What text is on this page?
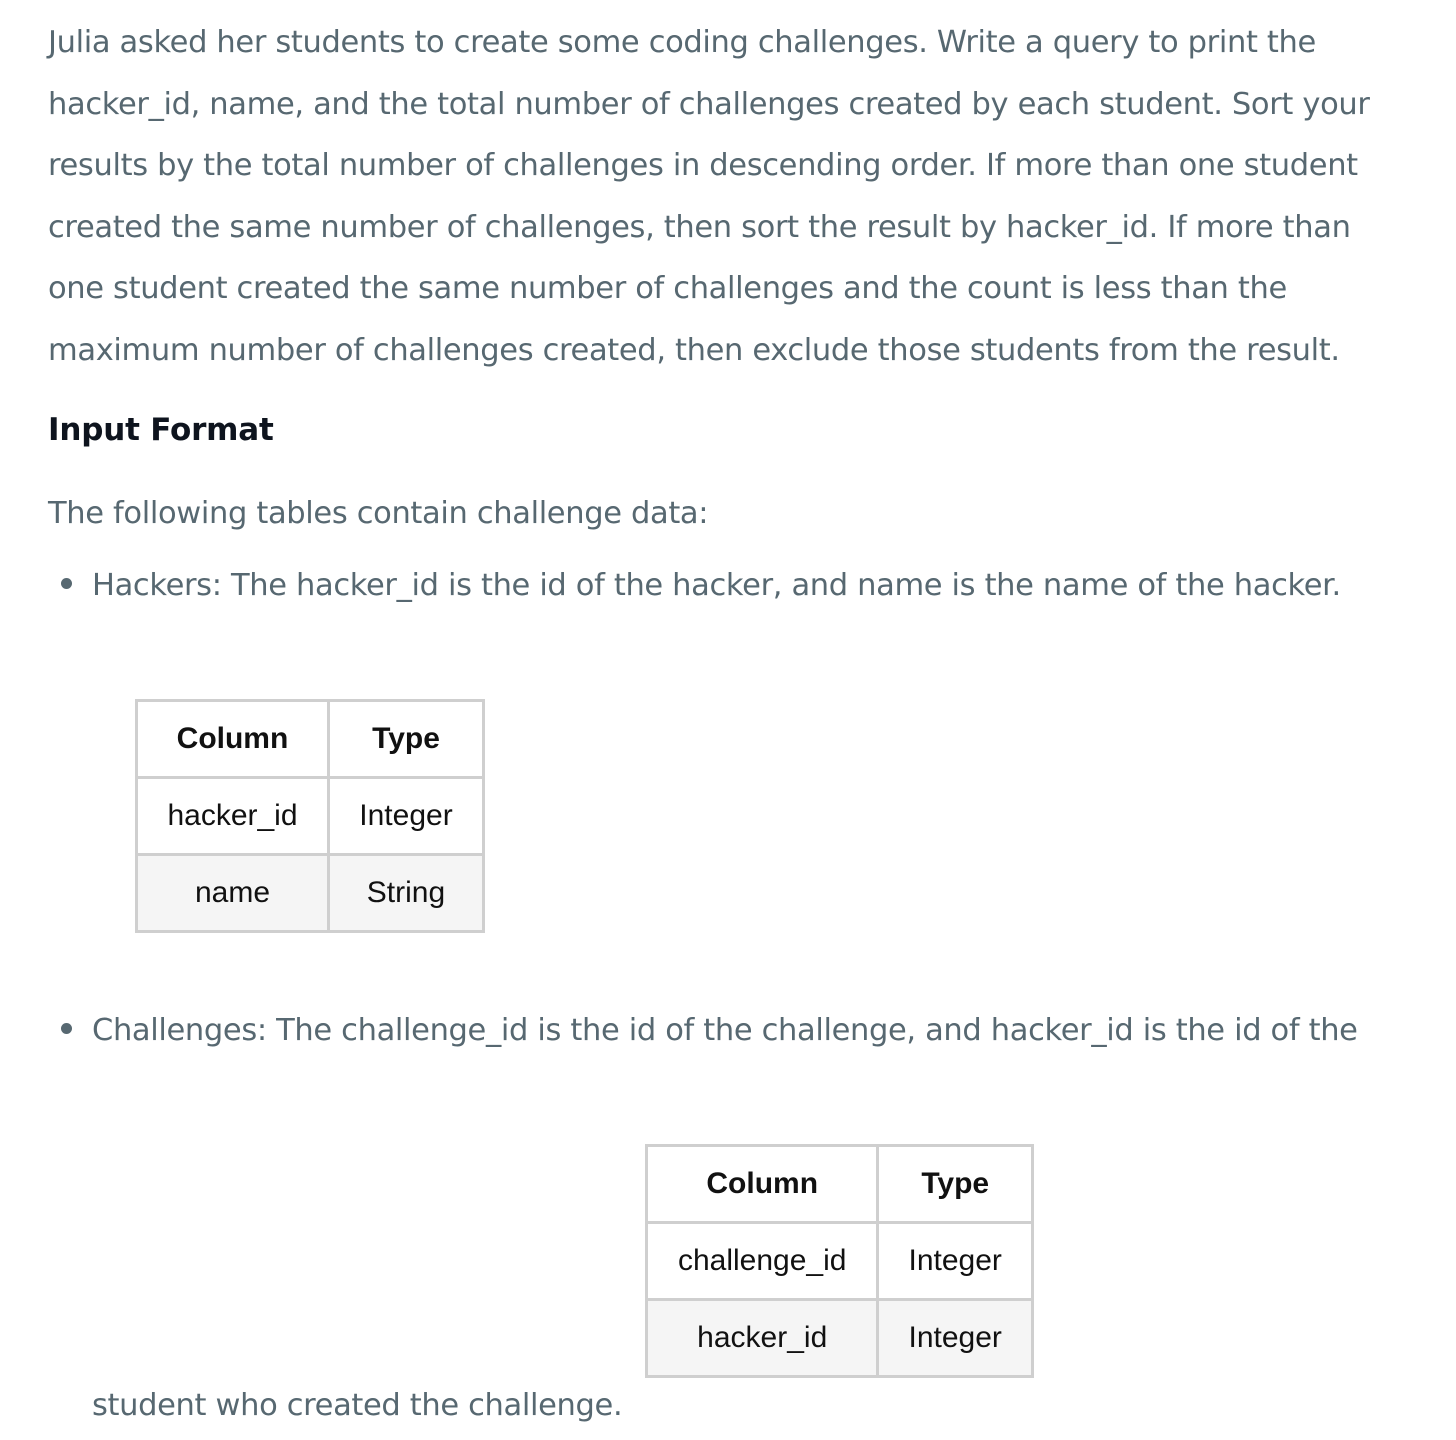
Julia asked her students to create some coding challenges. Write a query to print the hacker_id, name, and the total number of challenges created by each student. Sort your results by the total number of challenges in descending order. If more than one student created the same number of challenges, then sort the result by hacker_id. If more than one student created the same number of challenges and the count is less than the maximum number of challenges created, then exclude those students from the result.

Input Format

The following tables contain challenge data:

Hackers: The hacker_id is the id of the hacker, and name is the name of the hacker.

Column	Type
hacker_id	Integer
name	String

Challenges: The challenge_id is the id of the challenge, and hacker_id is the id of the

Column	Type
challenge_id	Integer
hacker_id	Integer

student who created the challenge.
